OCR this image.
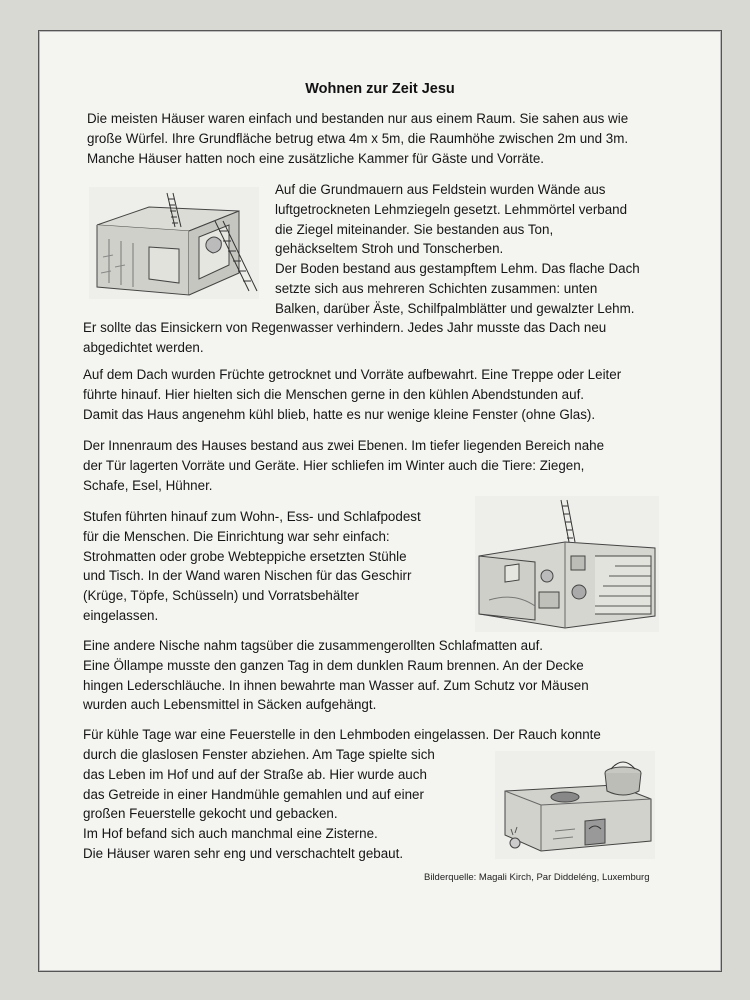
Wohnen zur Zeit Jesu
Die meisten Häuser waren einfach und bestanden nur aus einem Raum. Sie sahen aus wie
große Würfel. Ihre Grundfläche betrug etwa 4m x 5m, die Raumhöhe zwischen 2m und 3m.
Manche Häuser hatten noch eine zusätzliche Kammer für Gäste und Vorräte.
Auf die Grundmauern aus Feldstein wurden Wände aus
luftgetrockneten Lehmziegeln gesetzt. Lehmmörtel verband
die Ziegel miteinander. Sie bestanden aus Ton,
gehäckseltem Stroh und Tonscherben.
Der Boden bestand aus gestampftem Lehm. Das flache Dach
setzte sich aus mehreren Schichten zusammen: unten
Balken, darüber Äste, Schilfpalmblätter und gewalzter Lehm.
Er sollte das Einsickern von Regenwasser verhindern. Jedes Jahr musste das Dach neu
abgedichtet werden.
Auf dem Dach wurden Früchte getrocknet und Vorräte aufbewahrt. Eine Treppe oder Leiter
führte hinauf. Hier hielten sich die Menschen gerne in den kühlen Abendstunden auf.
Damit das Haus angenehm kühl blieb, hatte es nur wenige kleine Fenster (ohne Glas).
Der Innenraum des Hauses bestand aus zwei Ebenen. Im tiefer liegenden Bereich nahe
der Tür lagerten Vorräte und Geräte. Hier schliefen im Winter auch die Tiere: Ziegen,
Schafe, Esel, Hühner.
Stufen führten hinauf zum Wohn-, Ess- und Schlafpodest
für die Menschen. Die Einrichtung war sehr einfach:
Strohmatten oder grobe Webteppiche ersetzten Stühle
und Tisch. In der Wand waren Nischen für das Geschirr
(Krüge, Töpfe, Schüsseln) und Vorratsbehälter
eingelassen.
Eine andere Nische nahm tagsüber die zusammengerollten Schlafmatten auf.
Eine Öllampe musste den ganzen Tag in dem dunklen Raum brennen. An der Decke
hingen Lederschläuche. In ihnen bewahrte man Wasser auf. Zum Schutz vor Mäusen
wurden auch Lebensmittel in Säcken aufgehängt.
Für kühle Tage war eine Feuerstelle in den Lehmboden eingelassen. Der Rauch konnte
durch die glaslosen Fenster abziehen. Am Tage spielte sich
das Leben im Hof und auf der Straße ab. Hier wurde auch
das Getreide in einer Handmühle gemahlen und auf einer
großen Feuerstelle gekocht und gebacken.
Im Hof befand sich auch manchmal eine Zisterne.
Die Häuser waren sehr eng und verschachtelt gebaut.
Bilderquelle: Magali Kirch, Par Diddeléng, Luxemburg
